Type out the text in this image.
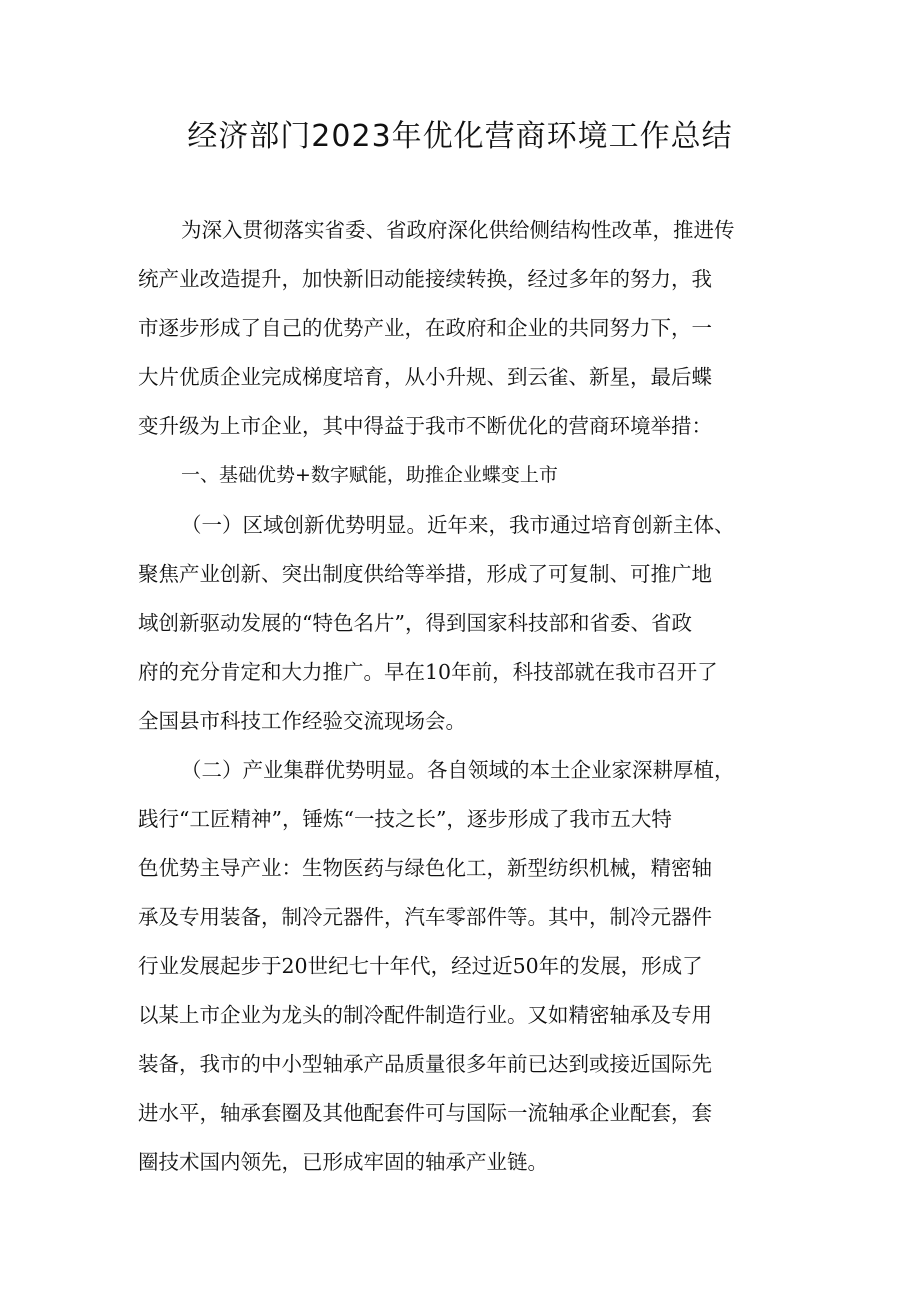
经济部门2023年优化营商环境工作总结
为深入贯彻落实省委、省政府深化供给侧结构性改革，推进传
统产业改造提升，加快新旧动能接续转换，经过多年的努力，我
市逐步形成了自己的优势产业，在政府和企业的共同努力下，一
大片优质企业完成梯度培育，从小升规、到云雀、新星，最后蝶
变升级为上市企业，其中得益于我市不断优化的营商环境举措：
一、基础优势+数字赋能，助推企业蝶变上市
（一）区域创新优势明显。近年来，我市通过培育创新主体、
聚焦产业创新、突出制度供给等举措，形成了可复制、可推广地
域创新驱动发展的“特色名片”，得到国家科技部和省委、省政
府的充分肯定和大力推广。早在10年前，科技部就在我市召开了
全国县市科技工作经验交流现场会。
（二）产业集群优势明显。各自领域的本土企业家深耕厚植，
践行“工匠精神”，锤炼“一技之长”，逐步形成了我市五大特
色优势主导产业：生物医药与绿色化工，新型纺织机械，精密轴
承及专用装备，制冷元器件，汽车零部件等。其中，制冷元器件
行业发展起步于20世纪七十年代，经过近50年的发展，形成了
以某上市企业为龙头的制冷配件制造行业。又如精密轴承及专用
装备，我市的中小型轴承产品质量很多年前已达到或接近国际先
进水平，轴承套圈及其他配套件可与国际一流轴承企业配套，套
圈技术国内领先，已形成牢固的轴承产业链。
